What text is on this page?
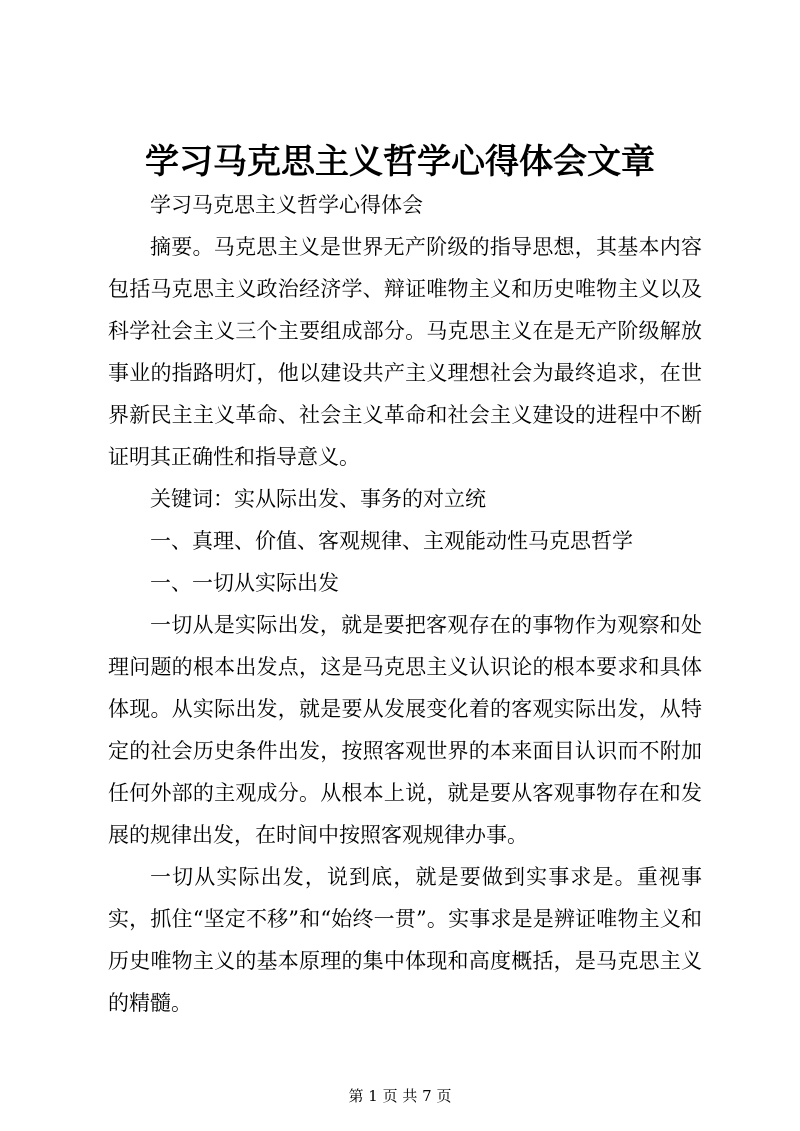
学习马克思主义哲学心得体会文章

学习马克思主义哲学心得体会

摘要。马克思主义是世界无产阶级的指导思想，其基本内容包括马克思主义政治经济学、辩证唯物主义和历史唯物主义以及科学社会主义三个主要组成部分。马克思主义在是无产阶级解放事业的指路明灯，他以建设共产主义理想社会为最终追求，在世界新民主主义革命、社会主义革命和社会主义建设的进程中不断证明其正确性和指导意义。

关键词：实从际出发、事务的对立统

一、真理、价值、客观规律、主观能动性马克思哲学

一、一切从实际出发

一切从是实际出发，就是要把客观存在的事物作为观察和处理问题的根本出发点，这是马克思主义认识论的根本要求和具体体现。从实际出发，就是要从发展变化着的客观实际出发，从特定的社会历史条件出发，按照客观世界的本来面目认识而不附加任何外部的主观成分。从根本上说，就是要从客观事物存在和发展的规律出发，在时间中按照客观规律办事。

一切从实际出发，说到底，就是要做到实事求是。重视事实，抓住“坚定不移”和“始终一贯”。实事求是是辨证唯物主义和历史唯物主义的基本原理的集中体现和高度概括，是马克思主义的精髓。

第 1 页 共 7 页
